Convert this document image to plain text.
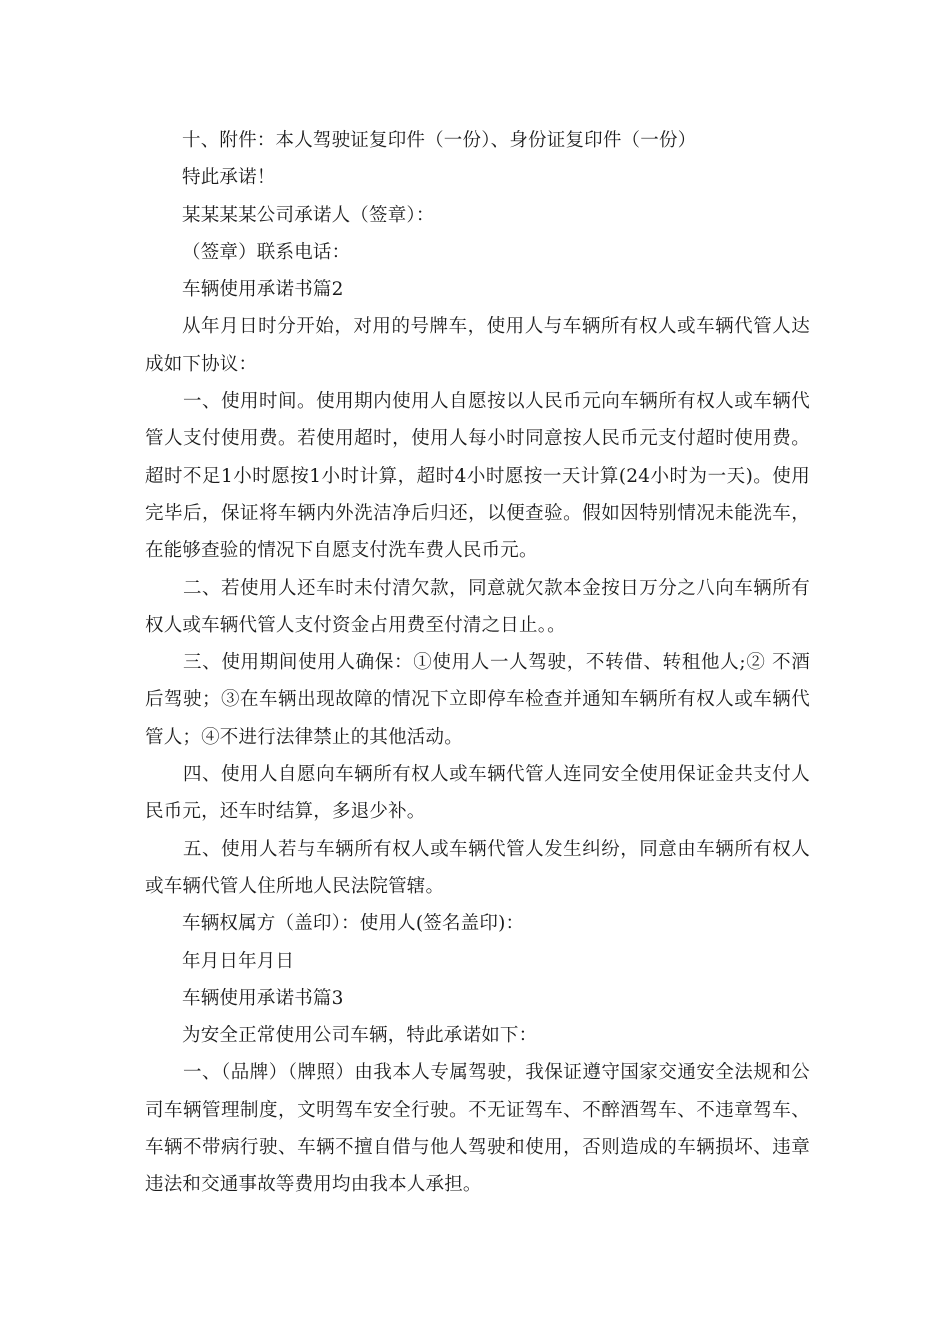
十、附件：本人驾驶证复印件（一份）、身份证复印件（一份）

特此承诺！

某某某某公司承诺人（签章）：

（签章）联系电话：

车辆使用承诺书篇2

从年月日时分开始，对用的号牌车，使用人与车辆所有权人或车辆代管人达成如下协议：

一、使用时间。使用期内使用人自愿按以人民币元向车辆所有权人或车辆代管人支付使用费。若使用超时，使用人每小时同意按人民币元支付超时使用费。超时不足1小时愿按1小时计算，超时4小时愿按一天计算(24小时为一天)。使用完毕后，保证将车辆内外洗洁净后归还，以便查验。假如因特别情况未能洗车，在能够查验的情况下自愿支付洗车费人民币元。

二、若使用人还车时未付清欠款，同意就欠款本金按日万分之八向车辆所有权人或车辆代管人支付资金占用费至付清之日止。。

三、使用期间使用人确保：①使用人一人驾驶，不转借、转租他人;② 不酒后驾驶；③在车辆出现故障的情况下立即停车检查并通知车辆所有权人或车辆代管人；④不进行法律禁止的其他活动。

四、使用人自愿向车辆所有权人或车辆代管人连同安全使用保证金共支付人民币元，还车时结算，多退少补。

五、使用人若与车辆所有权人或车辆代管人发生纠纷，同意由车辆所有权人或车辆代管人住所地人民法院管辖。

车辆权属方（盖印）：使用人(签名盖印)：

年月日年月日

车辆使用承诺书篇3

为安全正常使用公司车辆，特此承诺如下：

一、（品牌）（牌照）由我本人专属驾驶，我保证遵守国家交通安全法规和公司车辆管理制度，文明驾车安全行驶。不无证驾车、不醉酒驾车、不违章驾车、车辆不带病行驶、车辆不擅自借与他人驾驶和使用，否则造成的车辆损坏、违章违法和交通事故等费用均由我本人承担。
